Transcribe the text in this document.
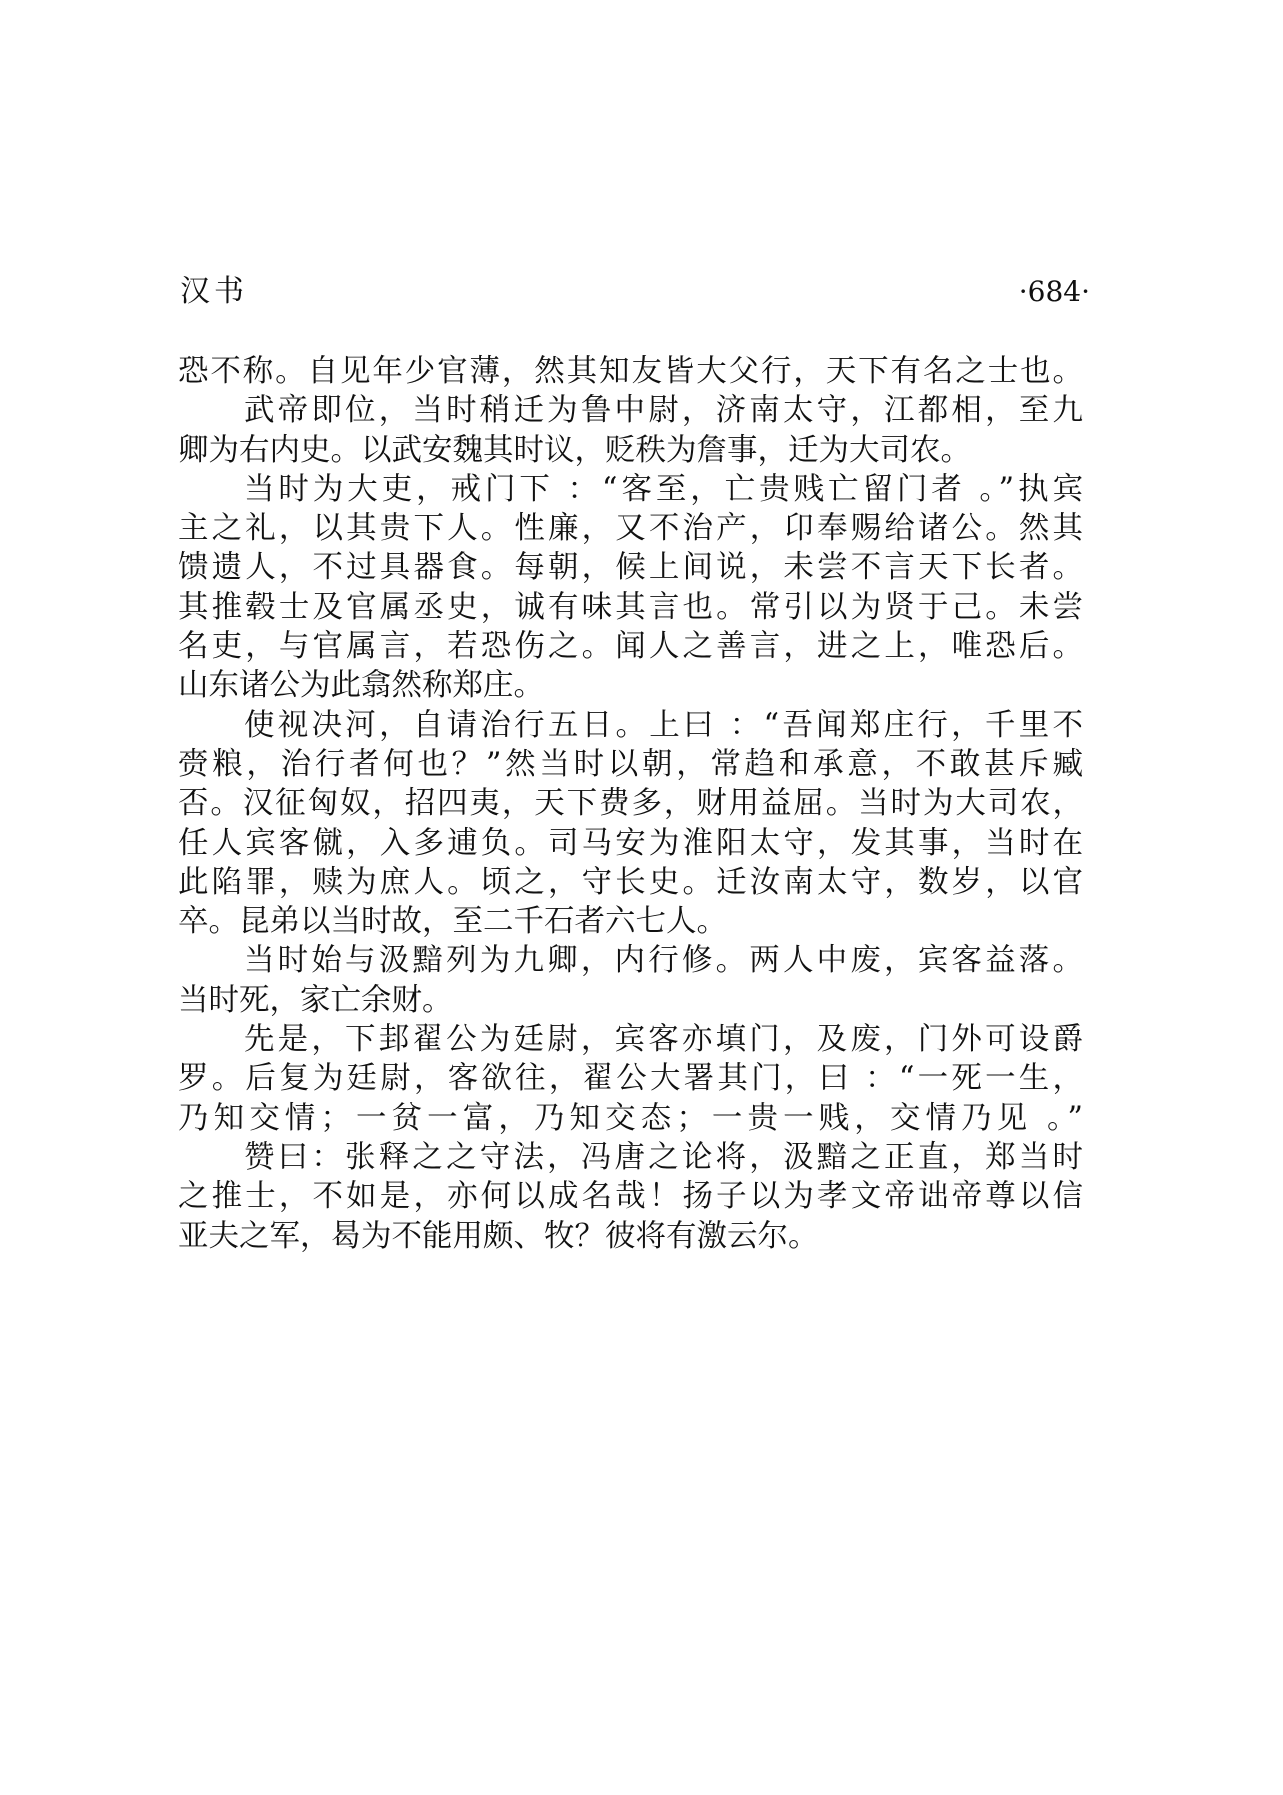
汉书	·684·
恐不称。自见年少官薄，然其知友皆大父行，天下有名之士也。
武帝即位，当时稍迁为鲁中尉，济南太守，江都相，至九
卿为右内史。以武安魏其时议，贬秩为詹事，迁为大司农。
当时为大吏，戒门下 ：“客至，亡贵贱亡留门者 。”执宾
主之礼，以其贵下人。性廉，又不治产，卬奉赐给诸公。然其
馈遗人，不过具器食。每朝，候上间说，未尝不言天下长者。
其推毂士及官属丞史，诚有味其言也。常引以为贤于己。未尝
名吏，与官属言，若恐伤之。闻人之善言，进之上，唯恐后。
山东诸公为此翕然称郑庄。
使视决河，自请治行五日。上曰 ：“吾闻郑庄行，千里不
赍粮，治行者何也？”然当时以朝，常趋和承意，不敢甚斥臧
否。汉征匈奴，招四夷，天下费多，财用益屈。当时为大司农，
任人宾客僦，入多逋负。司马安为淮阳太守，发其事，当时在
此陷罪，赎为庶人。顷之，守长史。迁汝南太守，数岁，以官
卒。昆弟以当时故，至二千石者六七人。
当时始与汲黯列为九卿，内行修。两人中废，宾客益落。
当时死，家亡余财。
先是，下邽翟公为廷尉，宾客亦填门，及废，门外可设爵
罗。后复为廷尉，客欲往，翟公大署其门，曰 ：“一死一生，
乃知交情；一贫一富，乃知交态；一贵一贱，交情乃见 。”
赞曰：张释之之守法，冯唐之论将，汲黯之正直，郑当时
之推士，不如是，亦何以成名哉！扬子以为孝文帝诎帝尊以信
亚夫之军，曷为不能用颇、牧？彼将有激云尔。
